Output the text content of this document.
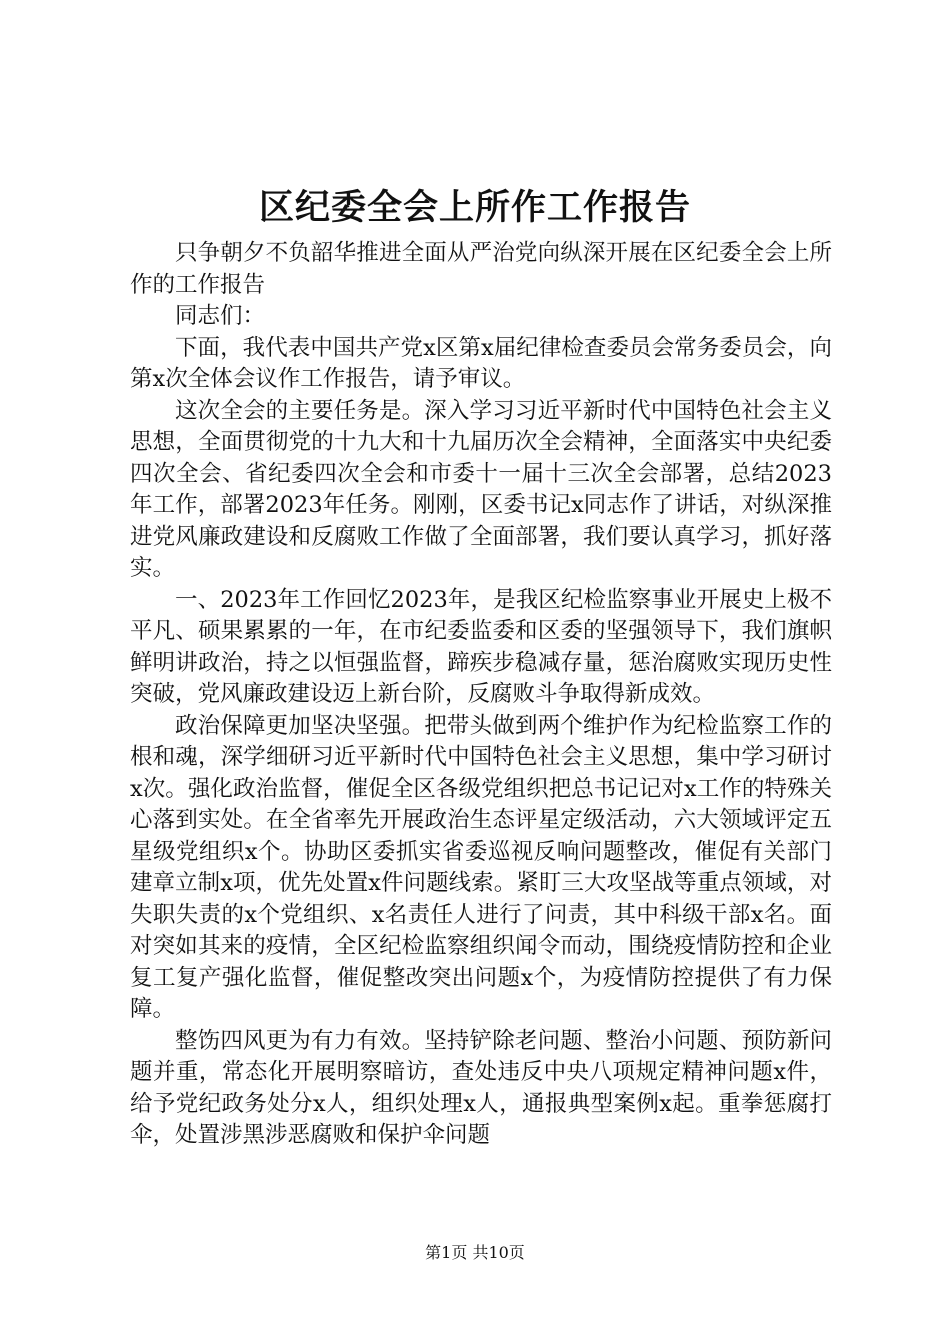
区纪委全会上所作工作报告

只争朝夕不负韶华推进全面从严治党向纵深开展在区纪委全会上所作的工作报告

同志们：

下面，我代表中国共产党x区第x届纪律检查委员会常务委员会，向第x次全体会议作工作报告，请予审议。

这次全会的主要任务是。深入学习习近平新时代中国特色社会主义思想，全面贯彻党的十九大和十九届历次全会精神，全面落实中央纪委四次全会、省纪委四次全会和市委十一届十三次全会部署，总结2023年工作，部署2023年任务。刚刚，区委书记x同志作了讲话，对纵深推进党风廉政建设和反腐败工作做了全面部署，我们要认真学习，抓好落实。

一、2023年工作回忆2023年，是我区纪检监察事业开展史上极不平凡、硕果累累的一年，在市纪委监委和区委的坚强领导下，我们旗帜鲜明讲政治，持之以恒强监督，蹄疾步稳减存量，惩治腐败实现历史性突破，党风廉政建设迈上新台阶，反腐败斗争取得新成效。

政治保障更加坚决坚强。把带头做到两个维护作为纪检监察工作的根和魂，深学细研习近平新时代中国特色社会主义思想，集中学习研讨x次。强化政治监督，催促全区各级党组织把总书记记对x工作的特殊关心落到实处。在全省率先开展政治生态评星定级活动，六大领域评定五星级党组织x个。协助区委抓实省委巡视反响问题整改，催促有关部门建章立制x项，优先处置x件问题线索。紧盯三大攻坚战等重点领域，对失职失责的x个党组织、x名责任人进行了问责，其中科级干部x名。面对突如其来的疫情，全区纪检监察组织闻令而动，围绕疫情防控和企业复工复产强化监督，催促整改突出问题x个，为疫情防控提供了有力保障。

整饬四风更为有力有效。坚持铲除老问题、整治小问题、预防新问题并重，常态化开展明察暗访，查处违反中央八项规定精神问题x件，给予党纪政务处分x人，组织处理x人，通报典型案例x起。重拳惩腐打伞，处置涉黑涉恶腐败和保护伞问题

第1页 共10页
